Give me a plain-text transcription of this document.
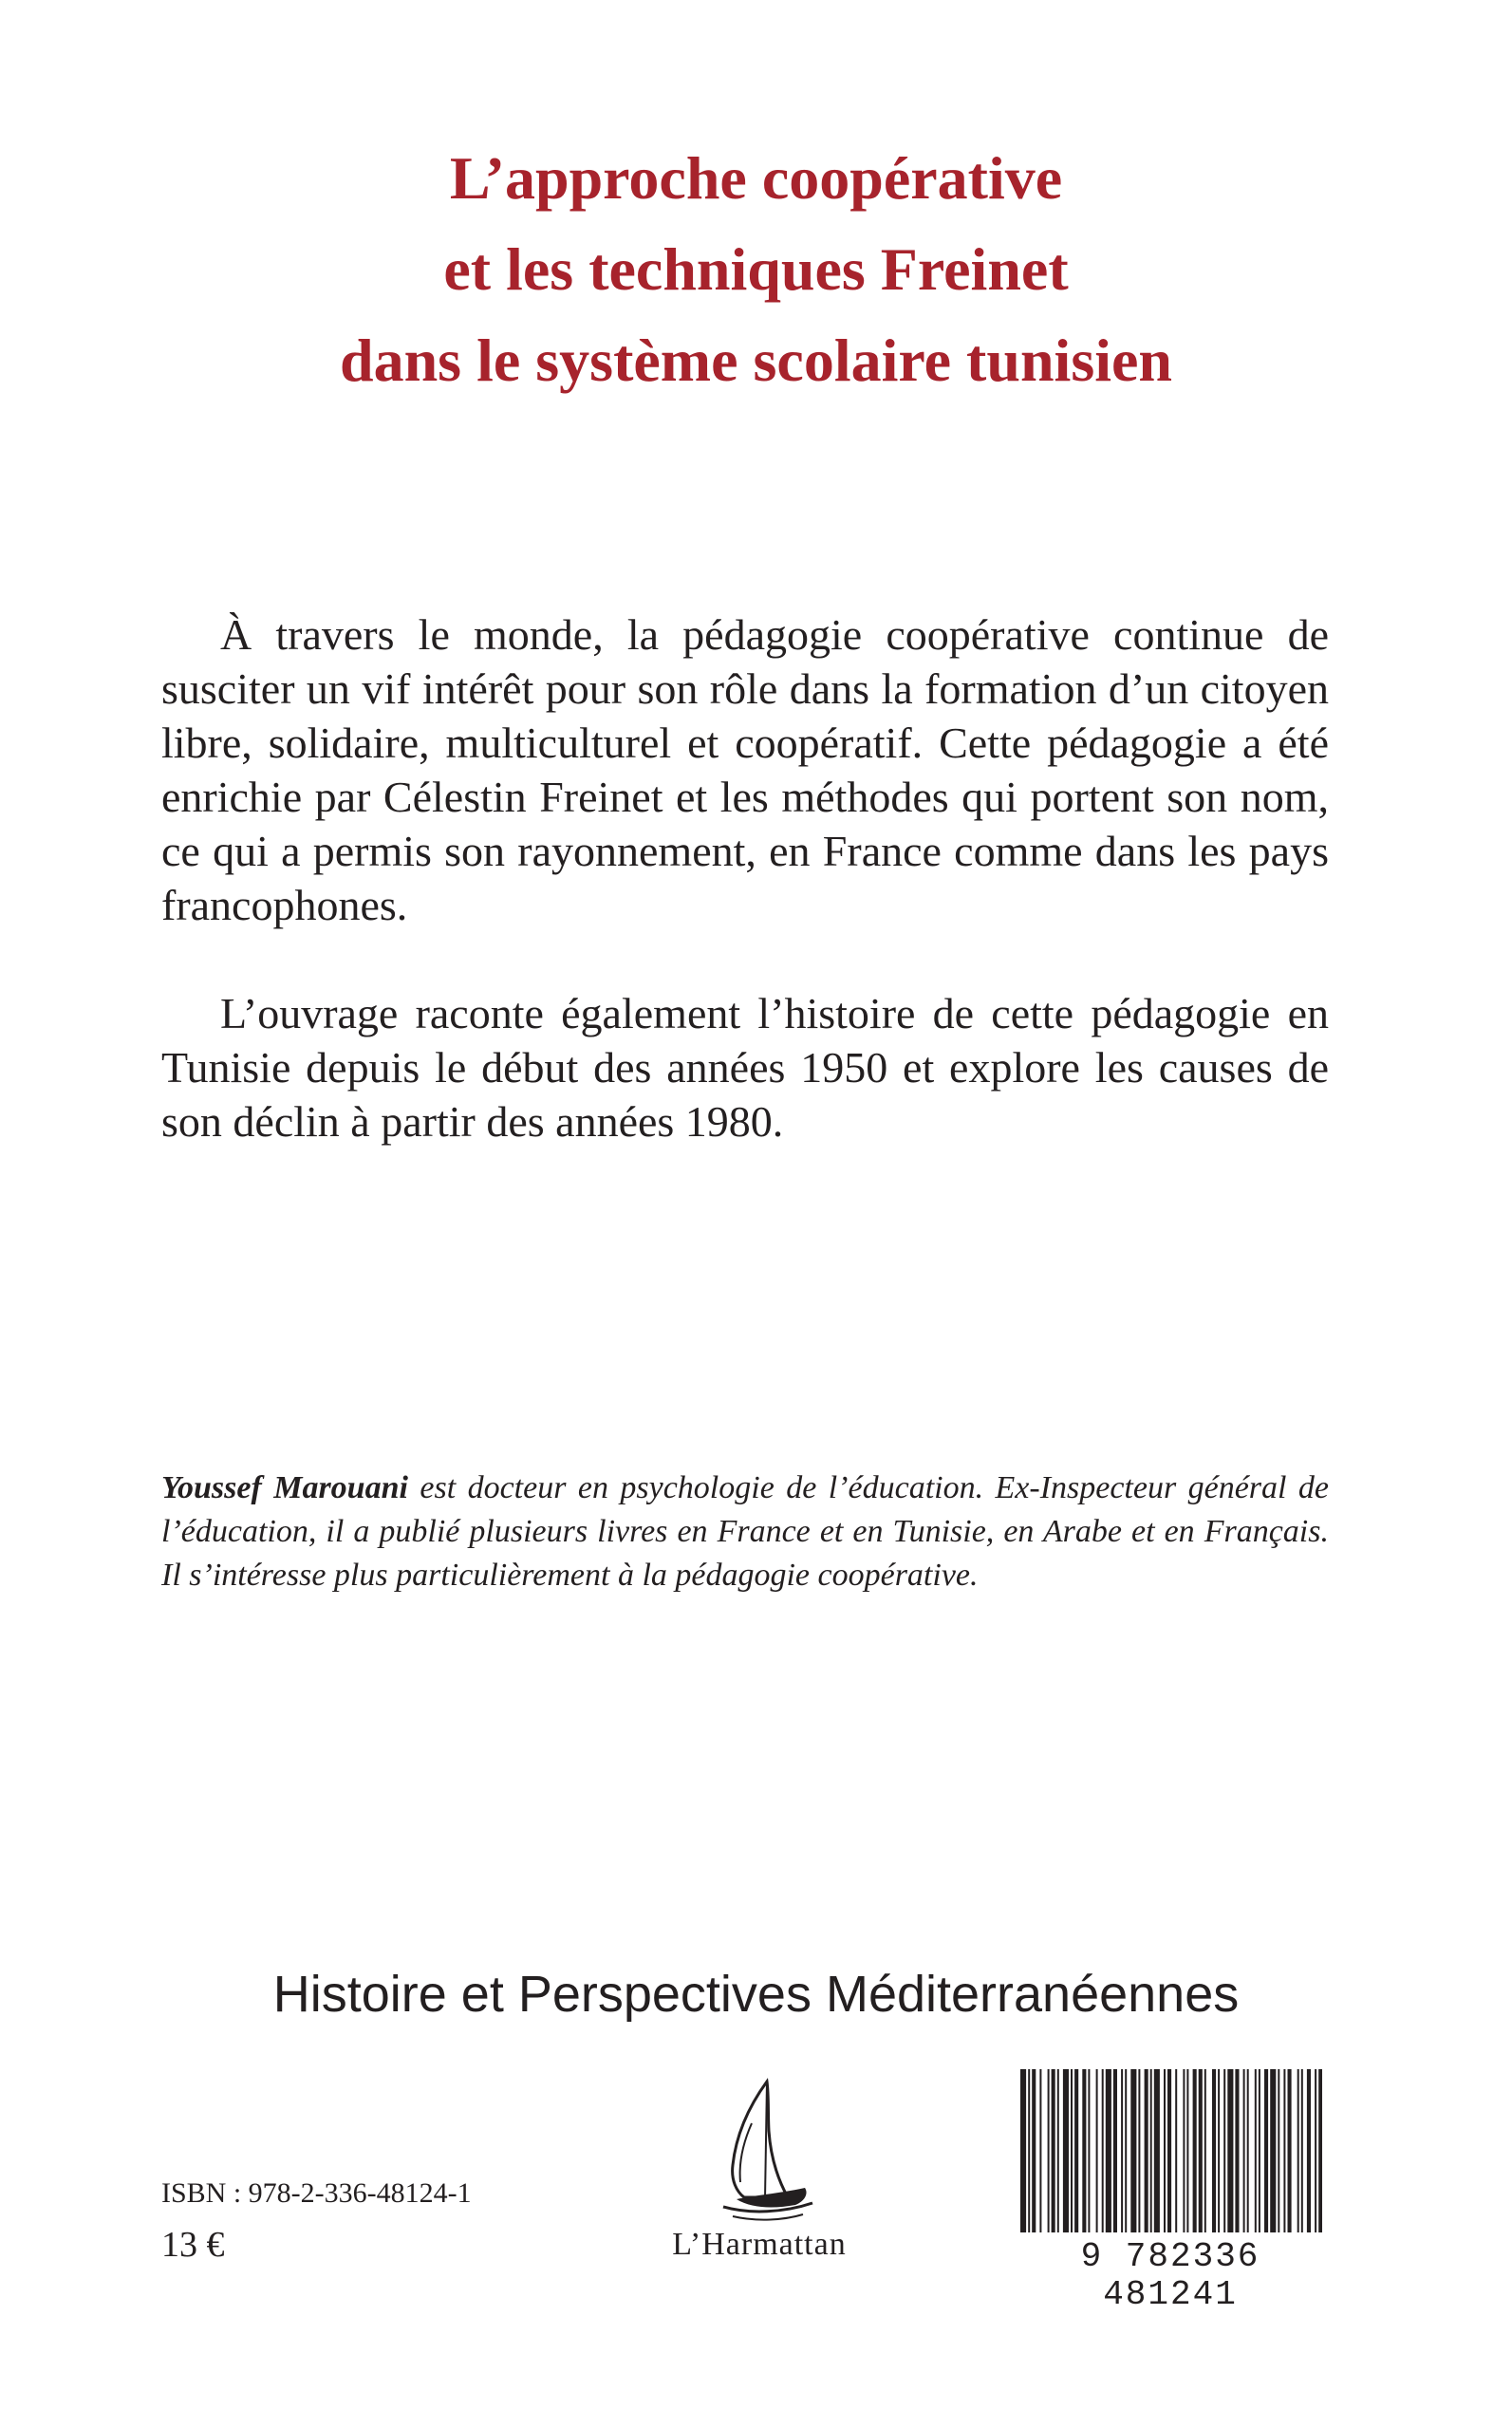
L’approche coopérative
et les techniques Freinet
dans le système scolaire tunisien

À travers le monde, la pédagogie coopérative continue de susciter un vif intérêt pour son rôle dans la formation d’un citoyen libre, solidaire, multiculturel et coopératif. Cette pédagogie a été enrichie par Célestin Freinet et les méthodes qui portent son nom, ce qui a permis son rayonnement, en France comme dans les pays francophones.

L’ouvrage raconte également l’histoire de cette pédagogie en Tunisie depuis le début des années 1950 et explore les causes de son déclin à partir des années 1980.

Youssef Marouani est docteur en psychologie de l’éducation. Ex-Inspecteur général de l’éducation, il a publié plusieurs livres en France et en Tunisie, en Arabe et en Français. Il s’intéresse plus particulièrement à la pédagogie coopérative.

Histoire et Perspectives Méditerranéennes
ISBN : 978-2-336-48124-1
13 €	L’Harmattan	9 782336 481241
